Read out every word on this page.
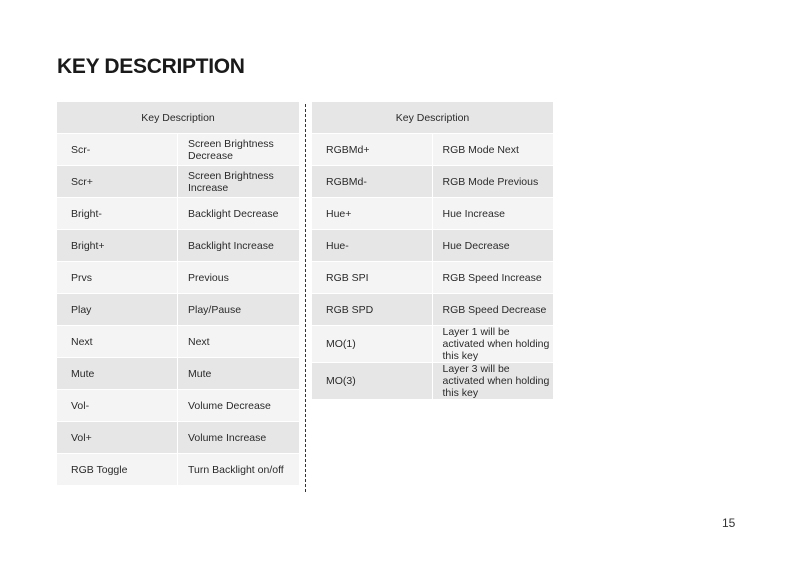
KEY DESCRIPTION
Key Description	
Scr-	Screen Brightness Decrease
Scr+	Screen Brightness Increase
Bright-	Backlight Decrease
Bright+	Backlight Increase
Prvs	Previous
Play	Play/Pause
Next	Next
Mute	Mute
Vol-	Volume Decrease
Vol+	Volume Increase
RGB Toggle	Turn Backlight on/off
Key Description	
RGBMd+	RGB Mode Next
RGBMd-	RGB Mode Previous
Hue+	Hue Increase
Hue-	Hue Decrease
RGB SPI	RGB Speed Increase
RGB SPD	RGB Speed Decrease
MO(1)	Layer 1 will be activated when holding this key
MO(3)	Layer 3 will be activated when holding this key
15
